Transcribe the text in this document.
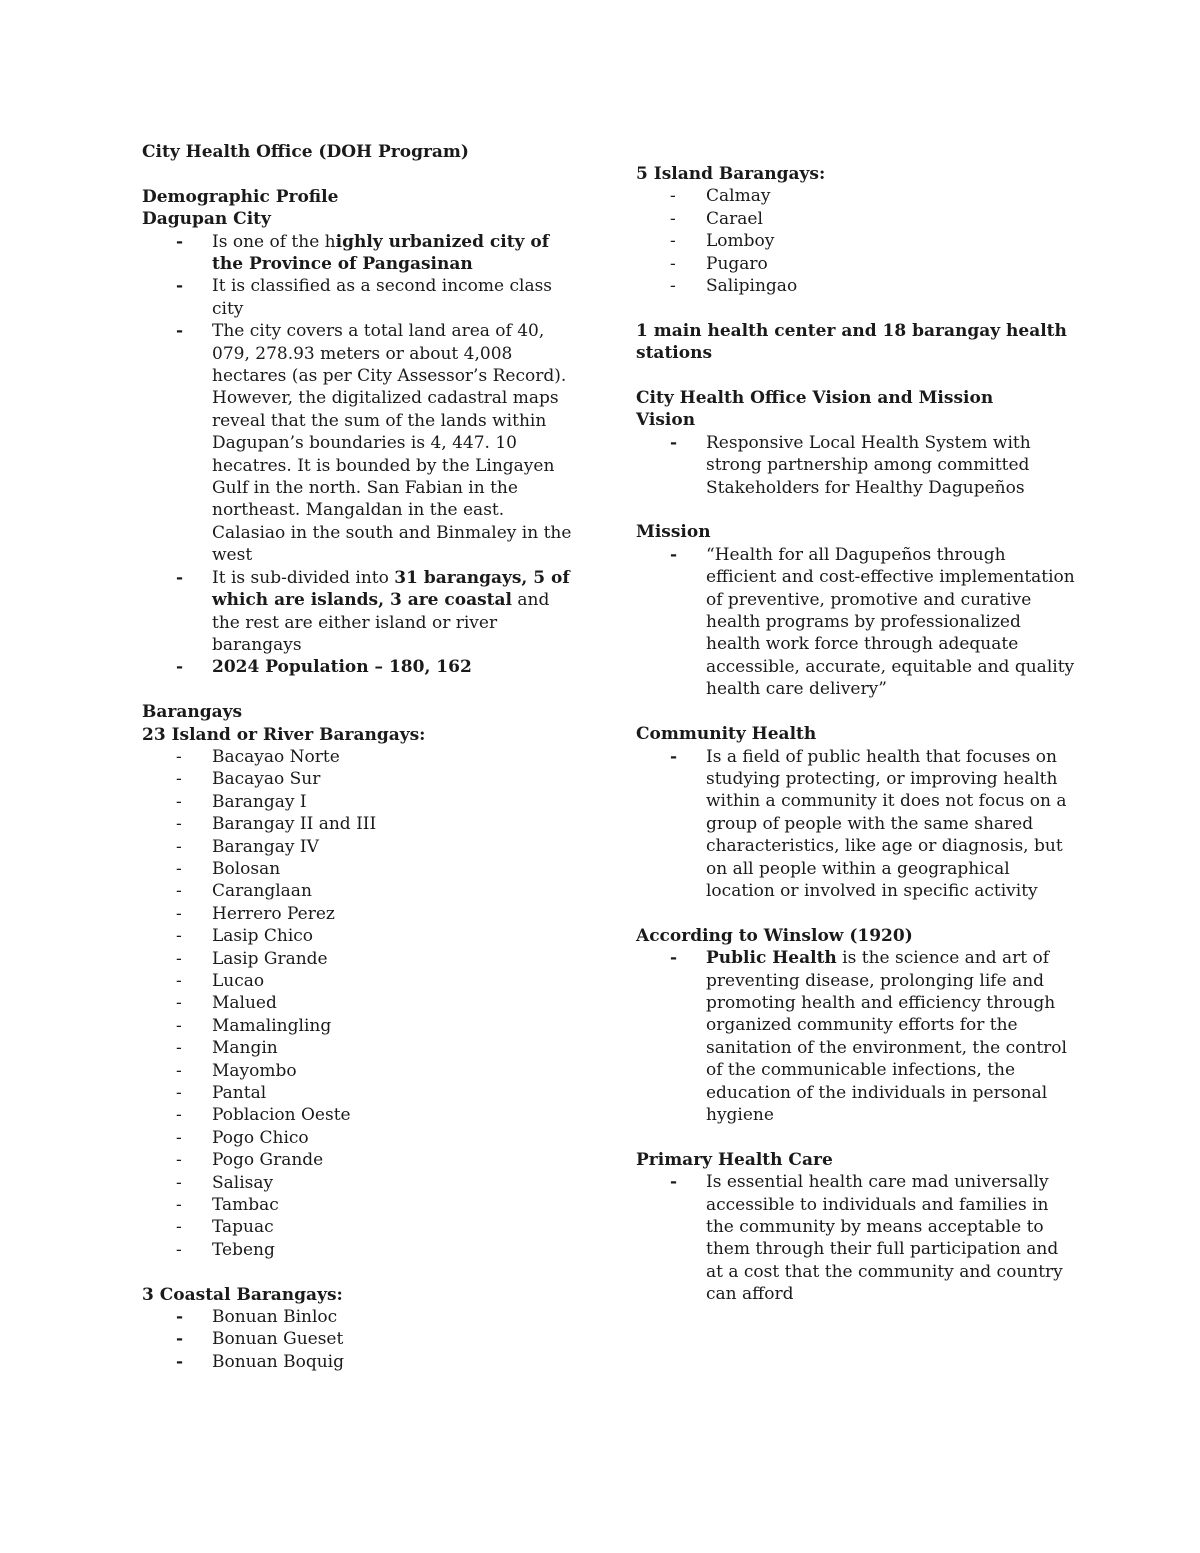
City Health Office (DOH Program)

Demographic Profile

Dagupan City

- Is one of the highly urbanized city of the Province of Pangasinan
- It is classified as a second income class city
- The city covers a total land area of 40, 079, 278.93 meters or about 4,008 hectares (as per City Assessor’s Record). However, the digitalized cadastral maps reveal that the sum of the lands within Dagupan’s boundaries is 4, 447. 10 hecatres. It is bounded by the Lingayen Gulf in the north. San Fabian in the northeast. Mangaldan in the east. Calasiao in the south and Binmaley in the west
- It is sub-divided into 31 barangays, 5 of which are islands, 3 are coastal and the rest are either island or river barangays
- 2024 Population – 180, 162

Barangays

23 Island or River Barangays:

- Bacayao Norte
- Bacayao Sur
- Barangay I
- Barangay II and III
- Barangay IV
- Bolosan
- Caranglaan
- Herrero Perez
- Lasip Chico
- Lasip Grande
- Lucao
- Malued
- Mamalingling
- Mangin
- Mayombo
- Pantal
- Poblacion Oeste
- Pogo Chico
- Pogo Grande
- Salisay
- Tambac
- Tapuac
- Tebeng

3 Coastal Barangays:

- Bonuan Binloc
- Bonuan Gueset
- Bonuan Boquig

5 Island Barangays:

- Calmay
- Carael
- Lomboy
- Pugaro
- Salipingao

1 main health center and 18 barangay health stations

City Health Office Vision and Mission

Vision

- Responsive Local Health System with strong partnership among committed Stakeholders for Healthy Dagupeños

Mission

- “Health for all Dagupeños through efficient and cost-effective implementation of preventive, promotive and curative health programs by professionalized health work force through adequate accessible, accurate, equitable and quality health care delivery”

Community Health

- Is a field of public health that focuses on studying protecting, or improving health within a community it does not focus on a group of people with the same shared characteristics, like age or diagnosis, but on all people within a geographical location or involved in specific activity

According to Winslow (1920)

- Public Health is the science and art of preventing disease, prolonging life and promoting health and efficiency through organized community efforts for the sanitation of the environment, the control of the communicable infections, the education of the individuals in personal hygiene

Primary Health Care

- Is essential health care mad universally accessible to individuals and families in the community by means acceptable to them through their full participation and at a cost that the community and country can afford
